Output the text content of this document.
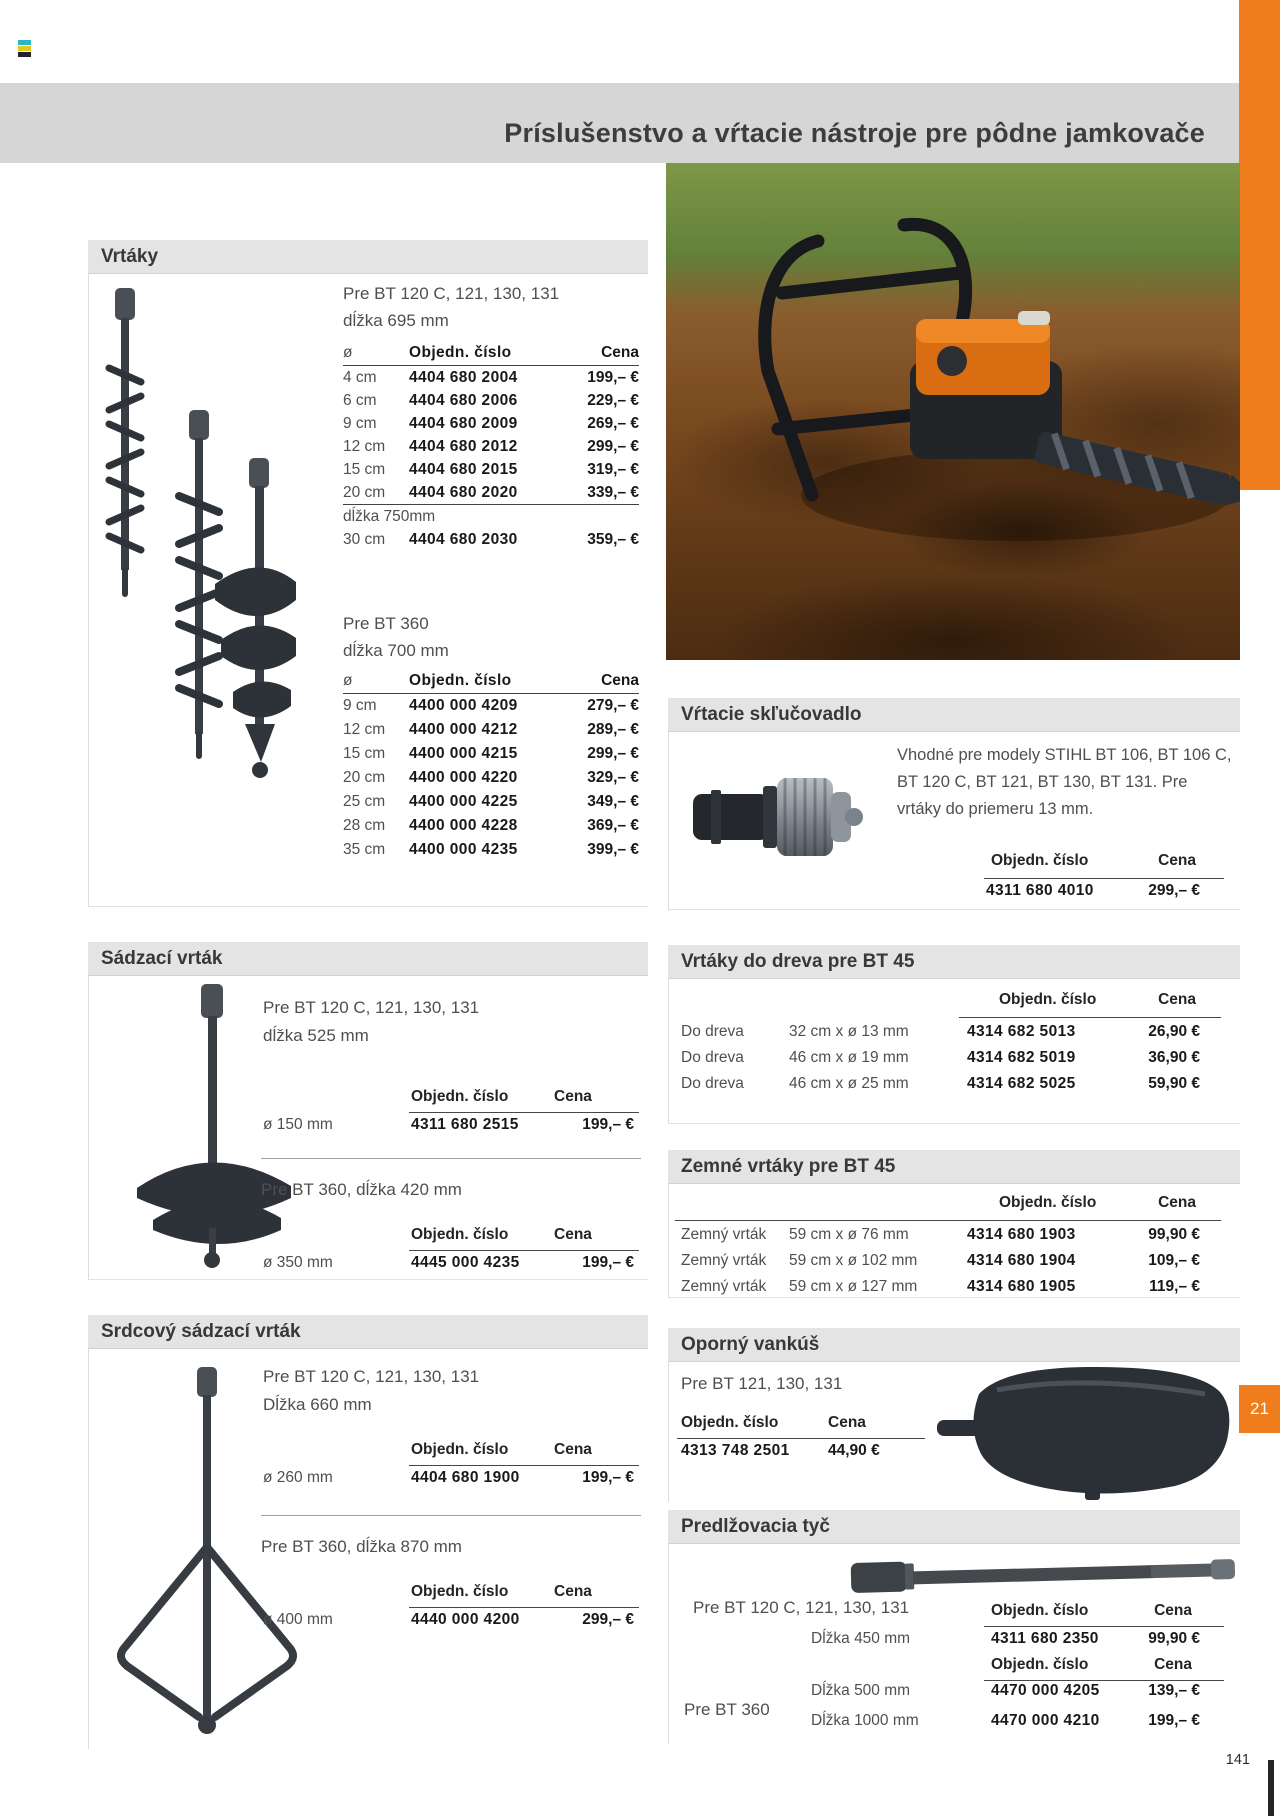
Príslušenstvo a vŕtacie nástroje pre pôdne jamkovače
Vrtáky
Pre BT 120 C, 121, 130, 131
dĺžka 695 mm
ø	Objedn. číslo	Cena
4 cm	4404 680 2004	199,– €
6 cm	4404 680 2006	229,– €
9 cm	4404 680 2009	269,– €
12 cm	4404 680 2012	299,– €
15 cm	4404 680 2015	319,– €
20 cm	4404 680 2020	339,– €
dĺžka 750mm
30 cm	4404 680 2030	359,– €
Pre BT 360
dĺžka 700 mm
ø	Objedn. číslo	Cena
9 cm	4400 000 4209	279,– €
12 cm	4400 000 4212	289,– €
15 cm	4400 000 4215	299,– €
20 cm	4400 000 4220	329,– €
25 cm	4400 000 4225	349,– €
28 cm	4400 000 4228	369,– €
35 cm	4400 000 4235	399,– €
Sádzací vrták
Pre BT 120 C, 121, 130, 131
dĺžka 525 mm
Objedn. číslo	Cena
ø 150 mm	4311 680 2515	199,– €
Pre BT 360, dĺžka 420 mm
Objedn. číslo	Cena
ø 350 mm	4445 000 4235	199,– €
Srdcový sádzací vrták
Pre BT 120 C, 121, 130, 131
Dĺžka 660 mm
Objedn. číslo	Cena
ø 260 mm	4404 680 1900	199,– €
Pre BT 360, dĺžka 870 mm
Objedn. číslo	Cena
ø 400 mm	4440 000 4200	299,– €
Vŕtacie skľučovadlo
Vhodné pre modely STIHL BT 106, BT 106 C, BT 120 C, BT 121, BT 130, BT 131. Pre vrtáky do priemeru 13 mm.
Objedn. číslo	Cena
4311 680 4010	299,– €
Vrtáky do dreva pre BT 45
Objedn. číslo	Cena
Do dreva	32 cm x ø 13 mm	4314 682 5013	26,90 €
Do dreva	46 cm x ø 19 mm	4314 682 5019	36,90 €
Do dreva	46 cm x ø 25 mm	4314 682 5025	59,90 €
Zemné vrtáky pre BT 45
Objedn. číslo	Cena
Zemný vrták	59 cm x ø 76 mm	4314 680 1903	99,90 €
Zemný vrták	59 cm x ø 102 mm	4314 680 1904	109,– €
Zemný vrták	59 cm x ø 127 mm	4314 680 1905	119,– €
Oporný vankúš
Pre BT 121, 130, 131
Objedn. číslo	Cena
4313 748 2501 44,90 €
Predlžovacia tyč
Pre BT 120 C, 121, 130, 131	Objedn. číslo	Cena
Dĺžka 450 mm	4311 680 2350	99,90 €
Objedn. číslo	Cena
Dĺžka 500 mm	4470 000 4205	139,– €
Pre BT 360
Dĺžka 1000 mm	4470 000 4210	199,– €
21
141
